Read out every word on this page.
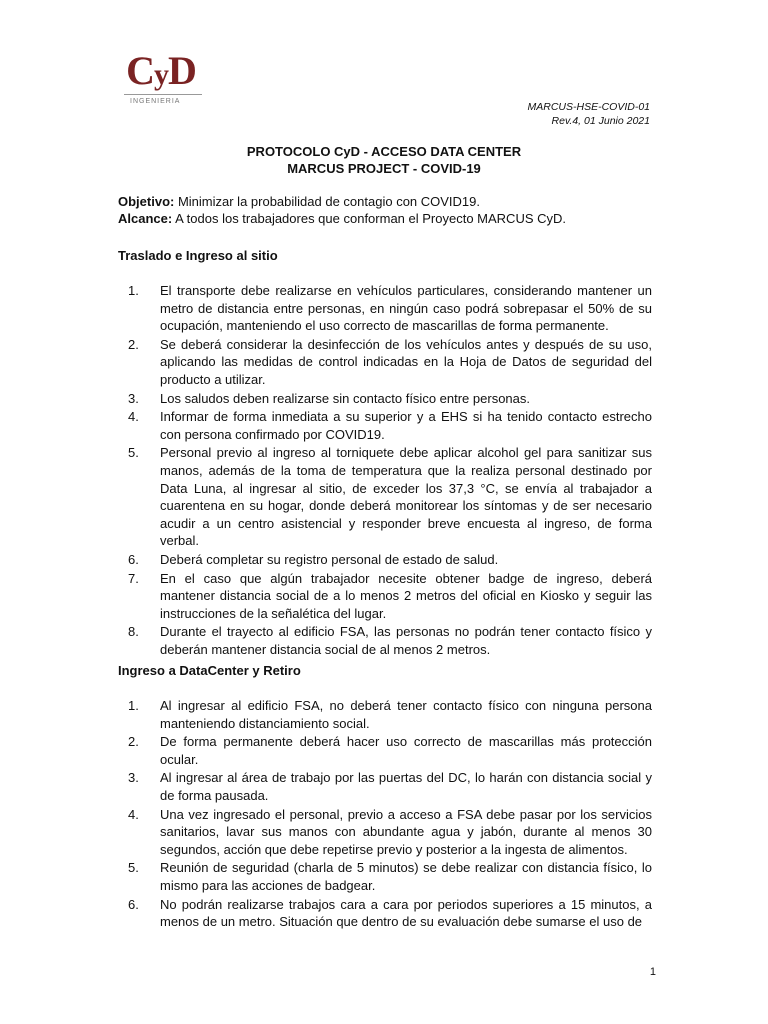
CyD
INGENIERIA	MARCUS-HSE-COVID-01
Rev.4, 01 Junio 2021
PROTOCOLO CyD - ACCESO DATA CENTER
MARCUS PROJECT - COVID-19
Objetivo: Minimizar la probabilidad de contagio con COVID19.
Alcance: A todos los trabajadores que conforman el Proyecto MARCUS CyD.
Traslado e Ingreso al sitio
1. El transporte debe realizarse en vehículos particulares, considerando mantener un metro de distancia entre personas, en ningún caso podrá sobrepasar el 50% de su ocupación, manteniendo el uso correcto de mascarillas de forma permanente.
2. Se deberá considerar la desinfección de los vehículos antes y después de su uso, aplicando las medidas de control indicadas en la Hoja de Datos de seguridad del producto a utilizar.
3. Los saludos deben realizarse sin contacto físico entre personas.
4. Informar de forma inmediata a su superior y a EHS si ha tenido contacto estrecho con persona confirmado por COVID19.
5. Personal previo al ingreso al torniquete debe aplicar alcohol gel para sanitizar sus manos, además de la toma de temperatura que la realiza personal destinado por Data Luna, al ingresar al sitio, de exceder los 37,3 °C, se envía al trabajador a cuarentena en su hogar, donde deberá monitorear los síntomas y de ser necesario acudir a un centro asistencial y responder breve encuesta al ingreso, de forma verbal.
6. Deberá completar su registro personal de estado de salud.
7. En el caso que algún trabajador necesite obtener badge de ingreso, deberá mantener distancia social de a lo menos 2 metros del oficial en Kiosko y seguir las instrucciones de la señalética del lugar.
8. Durante el trayecto al edificio FSA, las personas no podrán tener contacto físico y deberán mantener distancia social de al menos 2 metros.
Ingreso a DataCenter y Retiro
1. Al ingresar al edificio FSA, no deberá tener contacto físico con ninguna persona manteniendo distanciamiento social.
2. De forma permanente deberá hacer uso correcto de mascarillas más protección ocular.
3. Al ingresar al área de trabajo por las puertas del DC, lo harán con distancia social y de forma pausada.
4. Una vez ingresado el personal, previo a acceso a FSA debe pasar por los servicios sanitarios, lavar sus manos con abundante agua y jabón, durante al menos 30 segundos, acción que debe repetirse previo y posterior a la ingesta de alimentos.
5. Reunión de seguridad (charla de 5 minutos) se debe realizar con distancia físico, lo mismo para las acciones de badgear.
6. No podrán realizarse trabajos cara a cara por periodos superiores a 15 minutos, a menos de un metro. Situación que dentro de su evaluación debe sumarse el uso de
1
